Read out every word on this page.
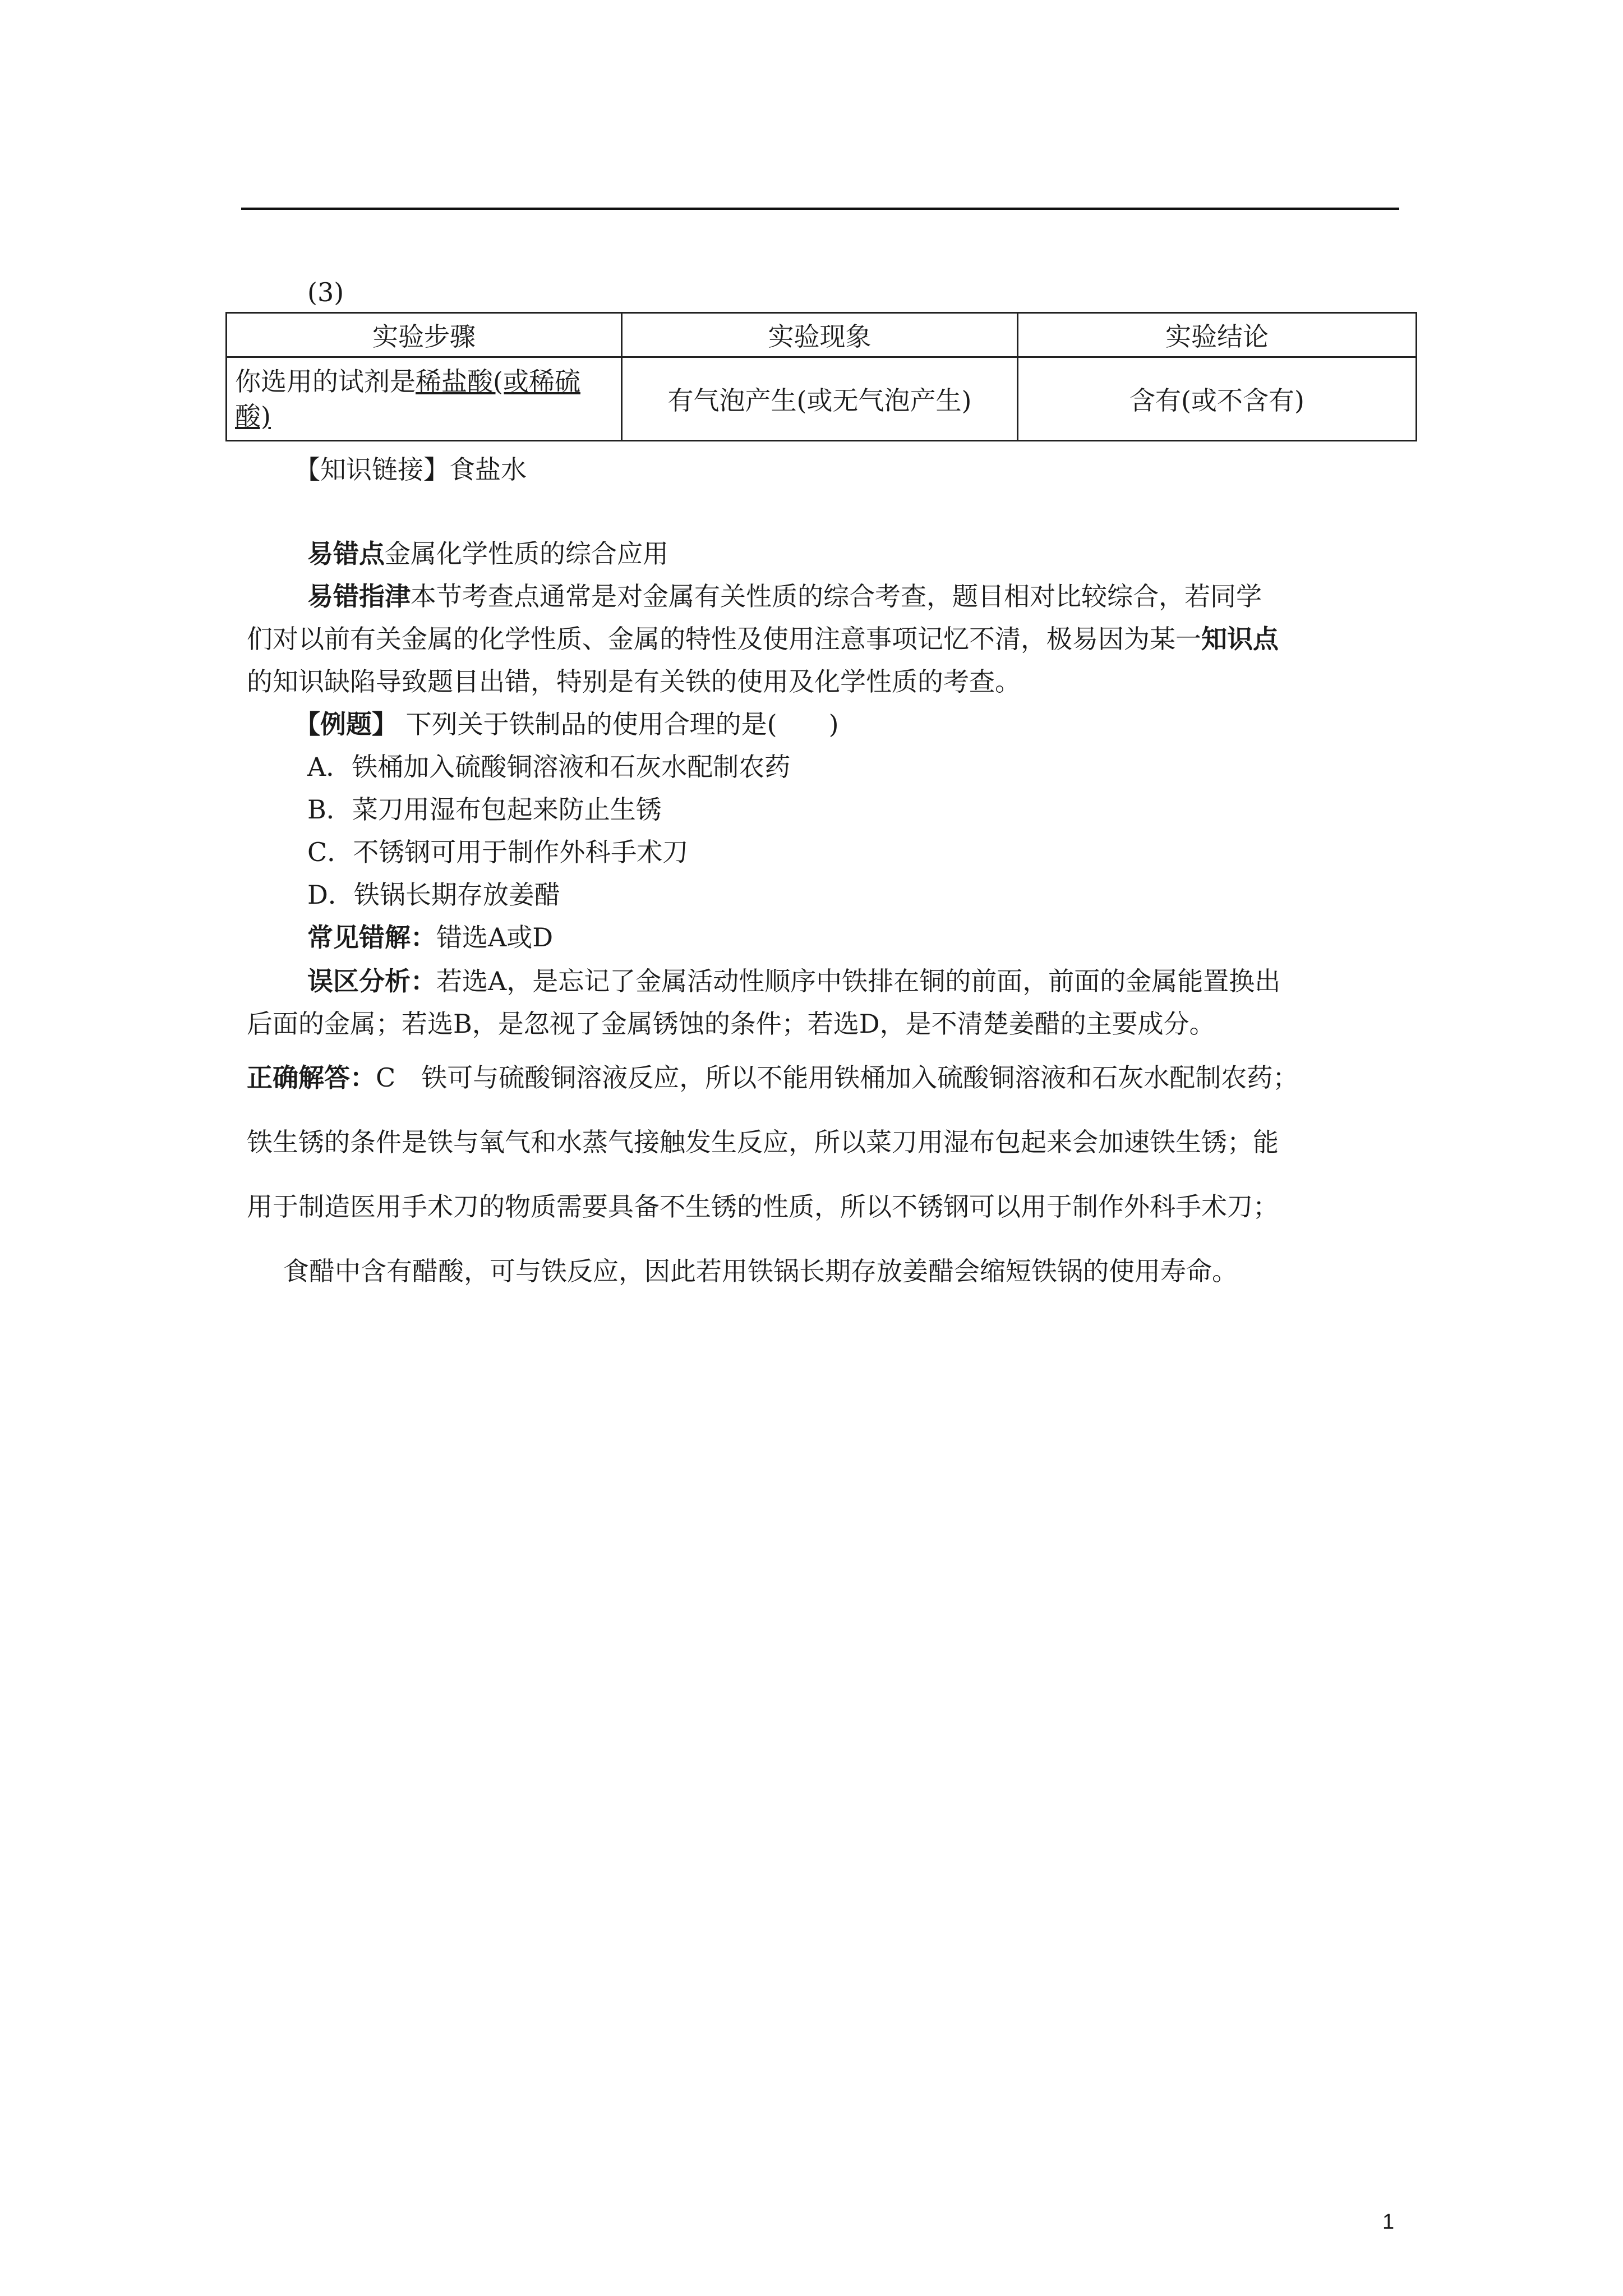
(3)
实验步骤	实验现象	实验结论
你选用的试剂是稀盐酸(或稀硫酸)	有气泡产生(或无气泡产生)	含有(或不含有)
【知识链接】食盐水
易错点金属化学性质的综合应用
易错指津本节考查点通常是对金属有关性质的综合考查，题目相对比较综合，若同学
们对以前有关金属的化学性质、金属的特性及使用注意事项记忆不清，极易因为某一知识点
的知识缺陷导致题目出错，特别是有关铁的使用及化学性质的考查。
【例题】 下列关于铁制品的使用合理的是(　　)
A．铁桶加入硫酸铜溶液和石灰水配制农药
B．菜刀用湿布包起来防止生锈
C．不锈钢可用于制作外科手术刀
D．铁锅长期存放姜醋
常见错解：错选A或D
误区分析：若选A，是忘记了金属活动性顺序中铁排在铜的前面，前面的金属能置换出
后面的金属；若选B，是忽视了金属锈蚀的条件；若选D，是不清楚姜醋的主要成分。
正确解答：C　铁可与硫酸铜溶液反应，所以不能用铁桶加入硫酸铜溶液和石灰水配制农药；
铁生锈的条件是铁与氧气和水蒸气接触发生反应，所以菜刀用湿布包起来会加速铁生锈；能
用于制造医用手术刀的物质需要具备不生锈的性质，所以不锈钢可以用于制作外科手术刀；
食醋中含有醋酸，可与铁反应，因此若用铁锅长期存放姜醋会缩短铁锅的使用寿命。
1
